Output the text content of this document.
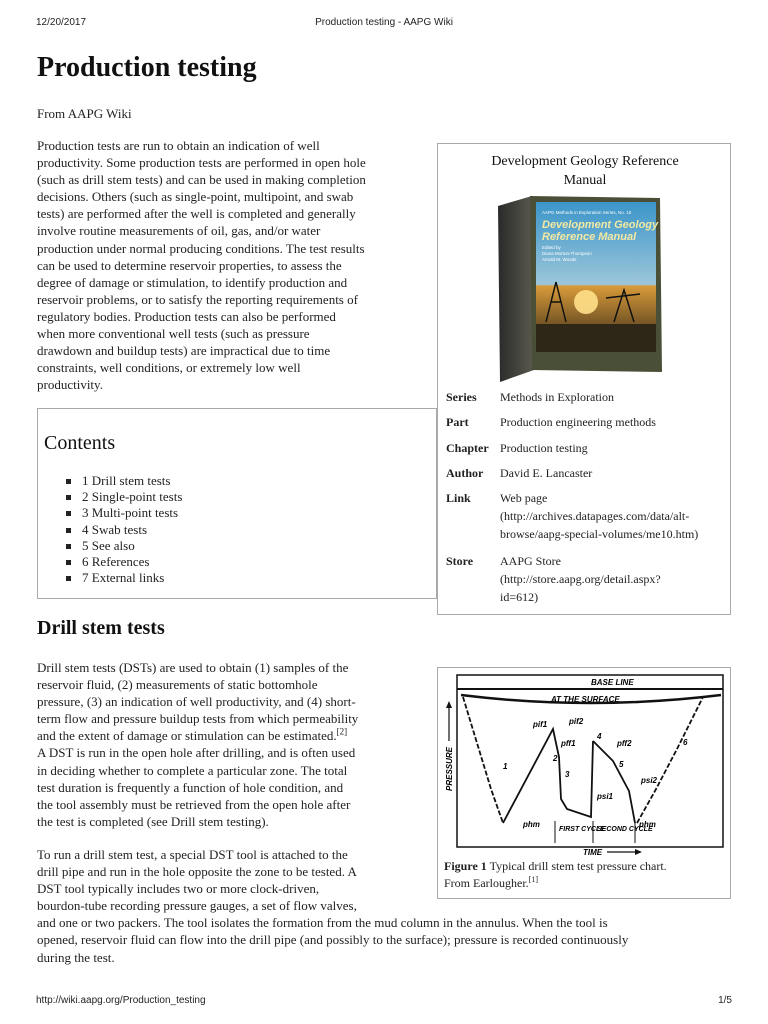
12/20/2017	Production testing - AAPG Wiki
Production testing
From AAPG Wiki
Production tests are run to obtain an indication of well
productivity. Some production tests are performed in open hole
(such as drill stem tests) and can be used in making completion
decisions. Others (such as single-point, multipoint, and swab
tests) are performed after the well is completed and generally
involve routine measurements of oil, gas, and/or water
production under normal producing conditions. The test results
can be used to determine reservoir properties, to assess the
degree of damage or stimulation, to identify production and
reservoir problems, or to satisfy the reporting requirements of
regulatory bodies. Production tests can also be performed
when more conventional well tests (such as pressure
drawdown and buildup tests) are impractical due to time
constraints, well conditions, or extremely low well
productivity.
Development Geology Reference
Manual
AAPG Methods in Exploration Series, No. 10
Development Geology
Reference Manual
Edited by
Diana Morton-Thompson
Arnold M. Woods
Series	Methods in Exploration
Part	Production engineering methods
Chapter Production testing
Author	David E. Lancaster
Link	Web page
(http://archives.datapages.com/data/alt-
browse/aapg-special-volumes/me10.htm)
Store	AAPG Store
(http://store.aapg.org/detail.aspx?
id=612)
Contents
1 Drill stem tests
2 Single-point tests
3 Multi-point tests
4 Swab tests
5 See also
6 References
7 External links
Drill stem tests
Drill stem tests (DSTs) are used to obtain (1) samples of the
reservoir fluid, (2) measurements of static bottomhole
pressure, (3) an indication of well productivity, and (4) short-
term flow and pressure buildup tests from which permeability
and the extent of damage or stimulation can be estimated.[2]
A DST is run in the open hole after drilling, and is often used
in deciding whether to complete a particular zone. The total
test duration is frequently a function of hole condition, and
the tool assembly must be retrieved from the open hole after
the test is completed (see Drill stem testing).
To run a drill stem test, a special DST tool is attached to the
drill pipe and run in the hole opposite the zone to be tested. A
DST tool typically includes two or more clock-driven,
bourdon-tube recording pressure gauges, a set of flow valves,
and one or two packers. The tool isolates the formation from the mud column in the annulus. When the tool is
opened, reservoir fluid can flow into the drill pipe (and possibly to the surface); pressure is recorded continuously
during the test.
BASE LINE
AT THE SURFACE
PRESSURE
pif1	pif2
pff1	pff2
psi1
psi2
phm	phm
1
2
3
4
5
6
FIRST CYCLE
SECOND CYCLE
TIME
Figure 1 Typical drill stem test pressure chart.
From Earlougher.[1]
http://wiki.aapg.org/Production_testing	1/5
